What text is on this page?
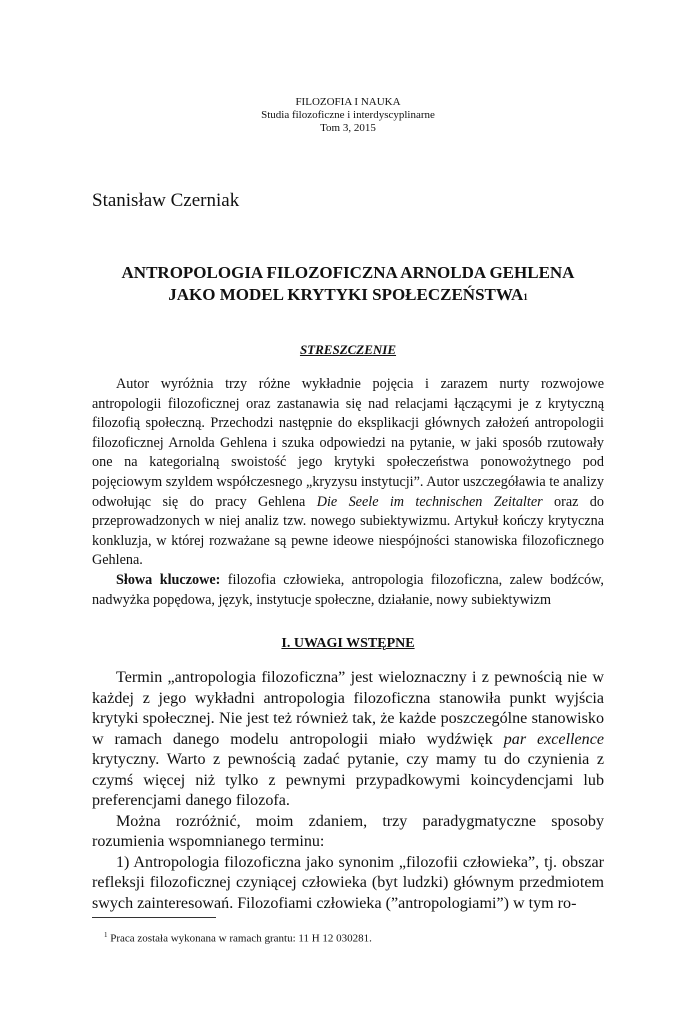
FILOZOFIA I NAUKA
Studia filozoficzne i interdyscyplinarne
Tom 3, 2015
Stanisław Czerniak
ANTROPOLOGIA FILOZOFICZNA ARNOLDA GEHLENA
JAKO MODEL KRYTYKI SPOŁECZEŃSTWA$^1$
STRESZCZENIE

Autor wyróżnia trzy różne wykładnie pojęcia i zarazem nurty rozwojowe antropologii filozoficznej oraz zastanawia się nad relacjami łączącymi je z krytyczną filozofią społeczną. Przechodzi następnie do eksplikacji głównych założeń antropologii filozoficznej Arnolda Gehlena i szuka odpowiedzi na pytanie, w jaki sposób rzutowały one na kategorialną swoistość jego krytyki społeczeństwa ponowożytnego pod pojęciowym szyldem współczesnego „kryzysu instytucji”. Autor uszczegóławia te analizy odwołując się do pracy Gehlena Die Seele im technischen Zeitalter oraz do przeprowadzonych w niej analiz tzw. nowego subiektywizmu. Artykuł kończy krytyczna konkluzja, w której rozważane są pewne ideowe niespójności stanowiska filozoficznego Gehlena.

Słowa kluczowe: filozofia człowieka, antropologia filozoficzna, zalew bodźców, nadwyżka popędowa, język, instytucje społeczne, działanie, nowy subiektywizm

I. UWAGI WSTĘPNE

Termin „antropologia filozoficzna” jest wieloznaczny i z pewnością nie w każdej z jego wykładni antropologia filozoficzna stanowiła punkt wyjścia krytyki społecznej. Nie jest też również tak, że każde poszczególne stanowisko w ramach danego modelu antropologii miało wydźwięk par excellence krytyczny. Warto z pewnością zadać pytanie, czy mamy tu do czynienia z czymś więcej niż tylko z pewnymi przypadkowymi koincydencjami lub preferencjami danego filozofa.

Można rozróżnić, moim zdaniem, trzy paradygmatyczne sposoby rozumienia wspomnianego terminu:

1) Antropologia filozoficzna jako synonim „filozofii człowieka”, tj. obszar refleksji filozoficznej czyniącej człowieka (byt ludzki) głównym przedmiotem swych zainteresowań. Filozofiami człowieka (”antropologiami”) w tym ro-

$^1$ Praca została wykonana w ramach grantu: 11 H 12 030281.
